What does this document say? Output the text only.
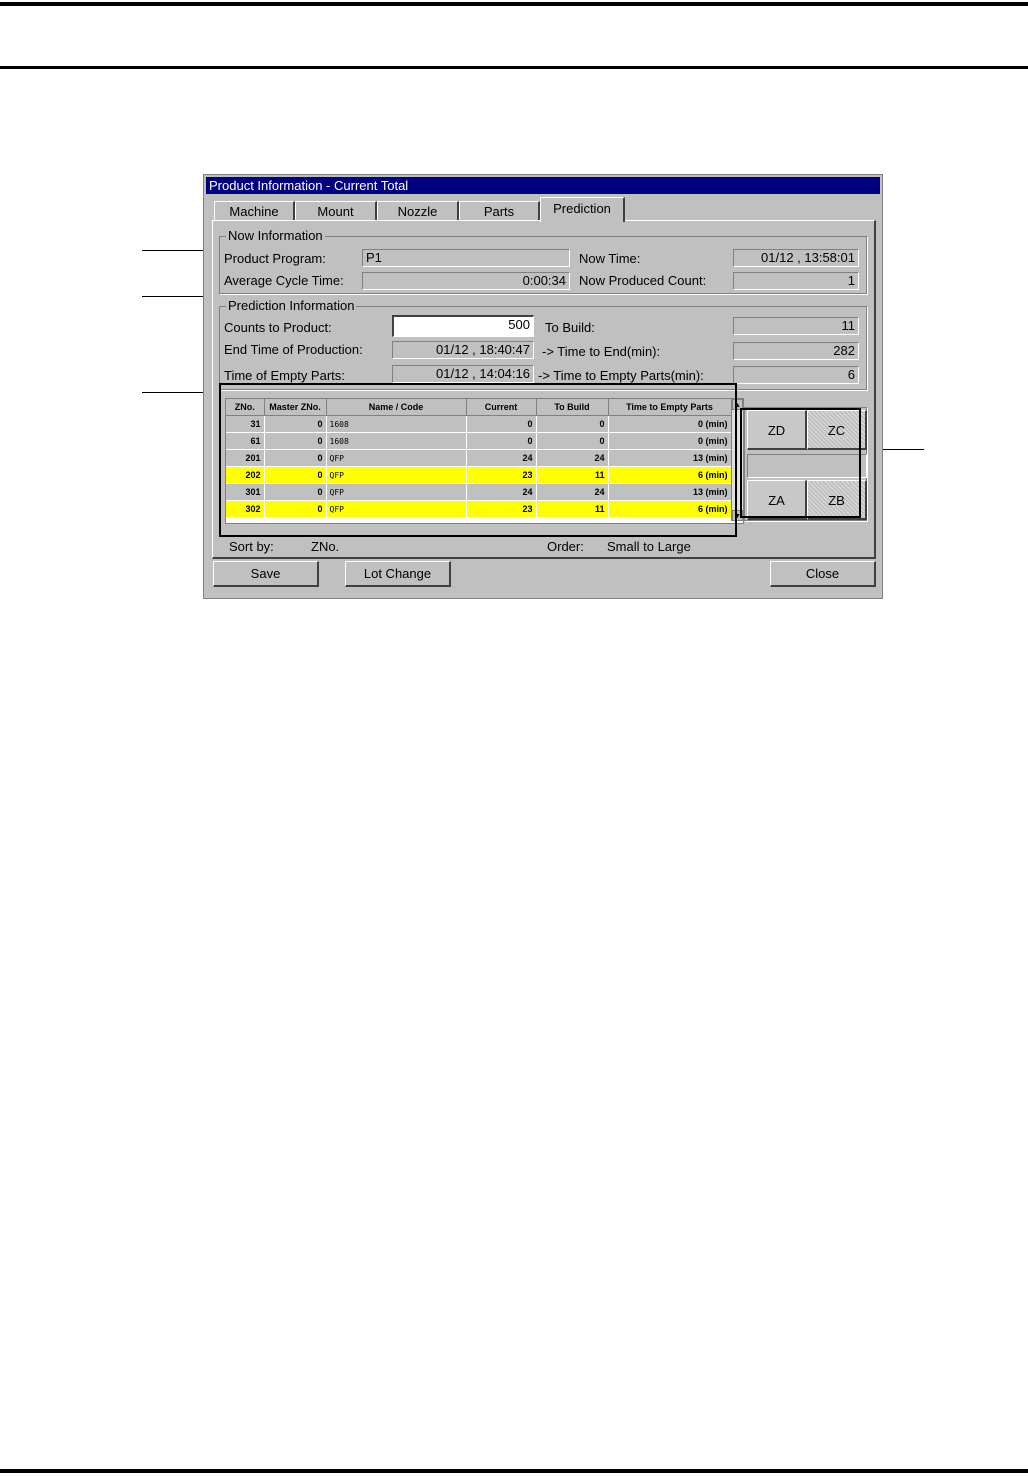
Product Information - Current Total
Machine	Mount	Nozzle	Parts	Prediction
Now Information
Product Program:	P1
Average Cycle Time:	0:00:34
Now Time:	01/12 , 13:58:01
Now Produced Count:	1
Prediction Information
Counts to Product:	500
End Time of Production:	01/12 , 18:40:47
Time of Empty Parts:	01/12 , 14:04:16
To Build:	11
-> Time to End(min):	282
-> Time to Empty Parts(min):	6
ZNo.	Master ZNo.	Name / Code	Current	To Build	Time to Empty Parts
31	0	1608	0	0	0 (min)
61	0	1608	0	0	0 (min)
201	0	QFP	24	24	13 (min)
202	0	QFP	23	11	6 (min)
301	0	QFP	24	24	13 (min)
302	0	QFP	23	11	6 (min)
▲
▼
ZD	ZC
ZA	ZB
Sort by:	ZNo.	Order: Small to Large
Save	Lot Change	Close
